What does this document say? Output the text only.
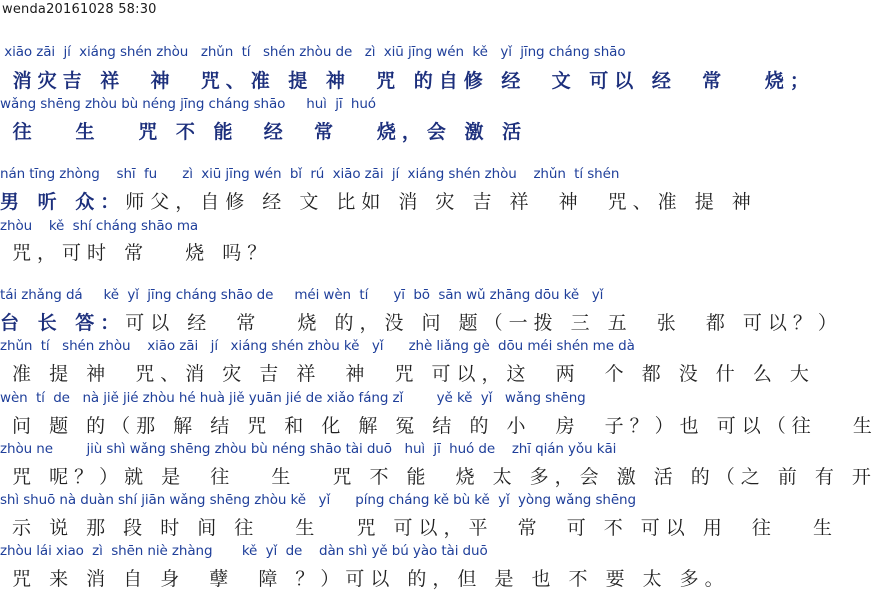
wenda20161028 58:30
xiāo zāi  jí  xiáng shén zhòu   zhǔn  tí   shén zhòu de   zì  xiū jīng wén  kě   yǐ  jīng cháng shāo
消灾吉 祥  神  咒、准 提 神  咒 的自修 经  文 可以 经  常   烧；
wǎng shēng zhòu bù néng jīng cháng shāo     huì  jī  huó
往   生   咒 不 能  经  常   烧，会 激 活
nán tīng zhòng    shī  fu      zì  xiū jīng wén  bǐ  rú  xiāo zāi  jí  xiáng shén zhòu    zhǔn  tí shén
男 听 众：师父，自修 经 文 比如 消 灾 吉 祥  神  咒、准 提 神
zhòu    kě  shí cháng shāo ma
咒，可时 常   烧 吗？
tái zhǎng dá     kě  yǐ  jīng cháng shāo de     méi wèn  tí      yī  bō  sān wǔ zhāng dōu kě   yǐ
台 长 答：可以 经  常   烧 的，没 问 题（一拨 三 五  张  都 可以？）
zhǔn  tí   shén zhòu    xiāo zāi   jí   xiáng shén zhòu kě   yǐ      zhè liǎng gè  dōu méi shén me dà
准 提 神  咒、消 灾 吉 祥  神  咒 可以，这  两  个 都 没 什 么 大
wèn  tí  de   nà jiě jié zhòu hé huà jiě yuān jié de xiǎo fáng zǐ        yě kě  yǐ   wǎng shēng
问 题 的（那 解 结 咒 和 化 解 冤 结 的 小  房  子？）也 可以（往   生
zhòu ne        jiù shì wǎng shēng zhòu bù néng shāo tài duō   huì  jī  huó de    zhī qián yǒu kāi
咒 呢？）就 是  往   生   咒 不 能  烧 太 多，会 激 活 的（之 前 有 开
shì shuō nà duàn shí jiān wǎng shēng zhòu kě   yǐ      píng cháng kě bù kě  yǐ  yòng wǎng shēng
示 说 那 段 时 间 往   生   咒 可以，平  常  可 不 可以 用  往   生
zhòu lái xiao  zì  shēn niè zhàng       kě  yǐ  de    dàn shì yě bú yào tài duō
咒 来 消 自 身  孽  障 ？）可以 的，但 是 也 不 要 太 多。
